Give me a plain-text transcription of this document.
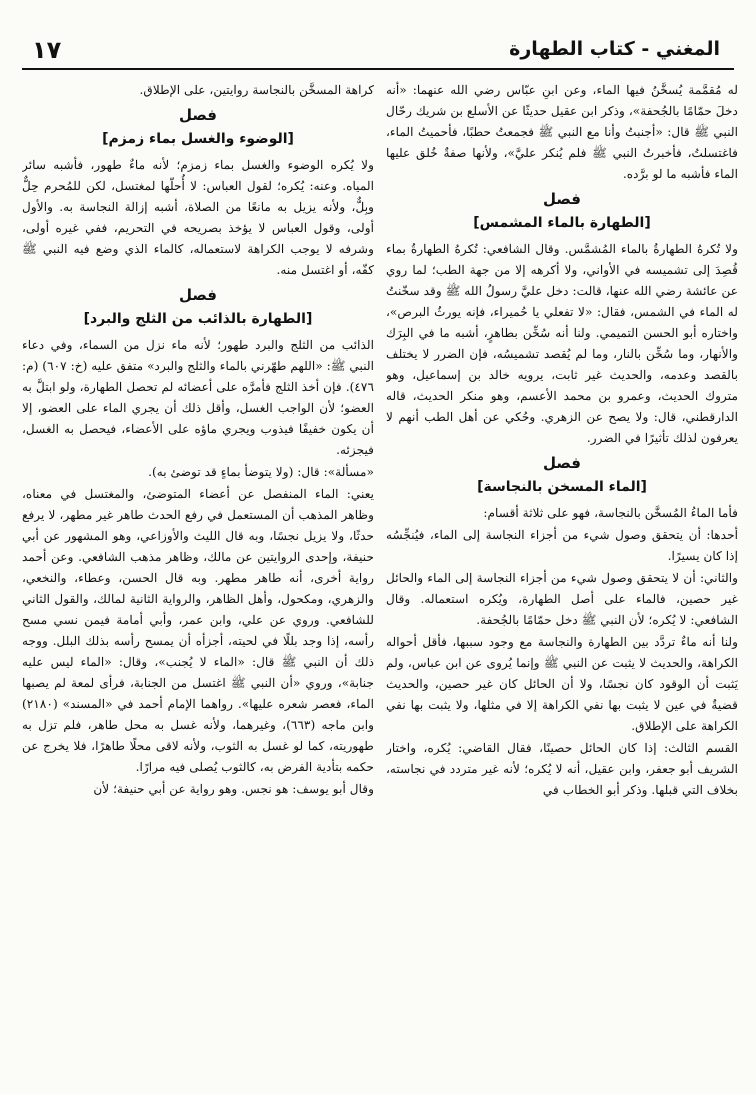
١٧	المغني - كتاب الطهارة

له مُقمَّمة يُسخَّنُ فيها الماء، وعن ابنِ عبّاس رضي الله عنهما: «أنه دخلَ حمّامًا بالجُحفة»، وذكر ابن عقيل حديثًا عن الأسلع بن شريك رحّال النبي ﷺ قال: «أجنبتُ وأنا مع النبي ﷺ فجمعتُ حطبًا، فأحميتُ الماء، فاغتسلتُ، فأخبرتُ النبي ﷺ فلم يُنكر عليَّ»، ولأنها صفةٌ خُلق عليها الماء فأشبه ما لو برَّده.

فصل
[الطهارة بالماء المشمس]

ولا تُكرهُ الطهارةُ بالماء المُشمَّس. وقال الشافعي: تُكرهُ الطهارةُ بماء قُصِدَ إلى تشميسه في الأواني، ولا أكرهه إلا من جهة الطب؛ لما روي عن عائشة رضي الله عنها، قالت: دخل عليَّ رسولُ الله ﷺ وقد سخّنتُ له الماء في الشمس، فقال: «لا تفعلي يا حُميراء، فإنه يورثُ البرص»، واختاره أبو الحسن التميمي. ولنا أنه سُخِّن بطاهرٍ، أشبه ما في البِرَك والأنهار، وما سُخِّن بالنار، وما لم يُقصد تشميسُه، فإن الضرر لا يختلف بالقصد وعدمه، والحديث غير ثابت، يرويه خالد بن إسماعيل، وهو متروك الحديث، وعمرو بن محمد الأعسم، وهو منكر الحديث، قاله الدارقطني، قال: ولا يصح عن الزهري. وحُكي عن أهل الطب أنهم لا يعرفون لذلك تأثيرًا في الضرر.

فصل
[الماء المسخن بالنجاسة]

فأما الماءُ المُسخَّن بالنجاسة، فهو على ثلاثة أقسام:

أحدها: أن يتحقق وصول شيء من أجزاء النجاسة إلى الماء، فيُنجِّسُه إذا كان يسيرًا.

والثاني: أن لا يتحقق وصول شيء من أجزاء النجاسة إلى الماء والحائل غير حصين، فالماء على أصل الطهارة، ويُكره استعماله. وقال الشافعي: لا يُكره؛ لأن النبي ﷺ دخل حمّامًا بالجُحفة.

ولنا أنه ماءٌ تردَّد بين الطهارة والنجاسة مع وجود سببها، فأقل أحواله الكراهة، والحديث لا يثبت عن النبي ﷺ وإنما يُروى عن ابن عباس، ولم يَثبت أن الوقود كان نجسًا، ولا أن الحائل كان غير حصين، والحديث قضيةٌ في عين لا يثبت بها نفي الكراهة إلا في مثلها، ولا يثبت بها نفي الكراهة على الإطلاق.

القسم الثالث: إذا كان الحائل حصينًا، فقال القاضي: يُكره، واختار الشريف أبو جعفر، وابن عقيل، أنه لا يُكره؛ لأنه غير متردد في نجاسته، بخلاف التي قبلها. وذكر أبو الخطاب في

كراهة المسخَّن بالنجاسة روايتين، على الإطلاق.

فصل
[الوضوء والغسل بماء زمزم]

ولا يُكره الوضوء والغسل بماء زمزم؛ لأنه ماءٌ طهور، فأشبه سائر المياه. وعنه: يُكره؛ لقول العباس: لا أُحلّها لمغتسل، لكن للمُحرم حِلٌّ وبِلٌّ، ولأنه يزيل به مانعًا من الصلاة، أشبه إزالة النجاسة به. والأول أولى، وقول العباس لا يؤخذ بصريحه في التحريم، ففي غيره أولى، وشرفه لا يوجب الكراهة لاستعماله، كالماء الذي وضع فيه النبي ﷺ كفّه، أو اغتسل منه.

فصل
[الطهارة بالذائب من الثلج والبرد]

الذائب من الثلج والبرد طهور؛ لأنه ماء نزل من السماء، وفي دعاء النبي ﷺ: «اللهم طهّرني بالماء والثلج والبرد» متفق عليه (خ: ٦٠٧) (م: ٤٧٦). فإن أخذ الثلج فأمرَّه على أعضائه لم تحصل الطهارة، ولو ابتلَّ به العضو؛ لأن الواجب الغسل، وأقل ذلك أن يجري الماء على العضو، إلا أن يكون خفيفًا فيذوب ويجري ماؤه على الأعضاء، فيحصل به الغسل، فيجزئه.

«مسألة»: قال: (ولا يتوضأ بماءٍ قد توضئ به).

يعني: الماء المنفصل عن أعضاء المتوضئ، والمغتسل في معناه، وظاهر المذهب أن المستعمل في رفع الحدث طاهر غير مطهر، لا يرفع حدثًا، ولا يزيل نجسًا، وبه قال الليث والأوزاعي، وهو المشهور عن أبي حنيفة، وإحدى الروايتين عن مالك، وظاهر مذهب الشافعي. وعن أحمد رواية أخرى، أنه طاهر مطهر. وبه قال الحسن، وعطاء، والنخعي، والزهري، ومكحول، وأهل الظاهر، والرواية الثانية لمالك، والقول الثاني للشافعي. وروي عن علي، وابن عمر، وأبي أمامة فيمن نسي مسح رأسه، إذا وجد بللًا في لحيته، أجزأه أن يمسح رأسه بذلك البلل. ووجه ذلك أن النبي ﷺ قال: «الماء لا يُجنب»، وقال: «الماء ليس عليه جنابة»، وروي «أن النبي ﷺ اغتسل من الجنابة، فرأى لمعة لم يصبها الماء، فعصر شعره عليها». رواهما الإمام أحمد في «المسند» (٢١٨٠) وابن ماجه (٦٦٣)، وغيرهما، ولأنه غسل به محل طاهر، فلم تزل به طهوريته، كما لو غسل به الثوب، ولأنه لاقى محلًا طاهرًا، فلا يخرج عن حكمه بتأدية الفرض به، كالثوب يُصلى فيه مرارًا.

وقال أبو يوسف: هو نجس. وهو رواية عن أبي حنيفة؛ لأن
